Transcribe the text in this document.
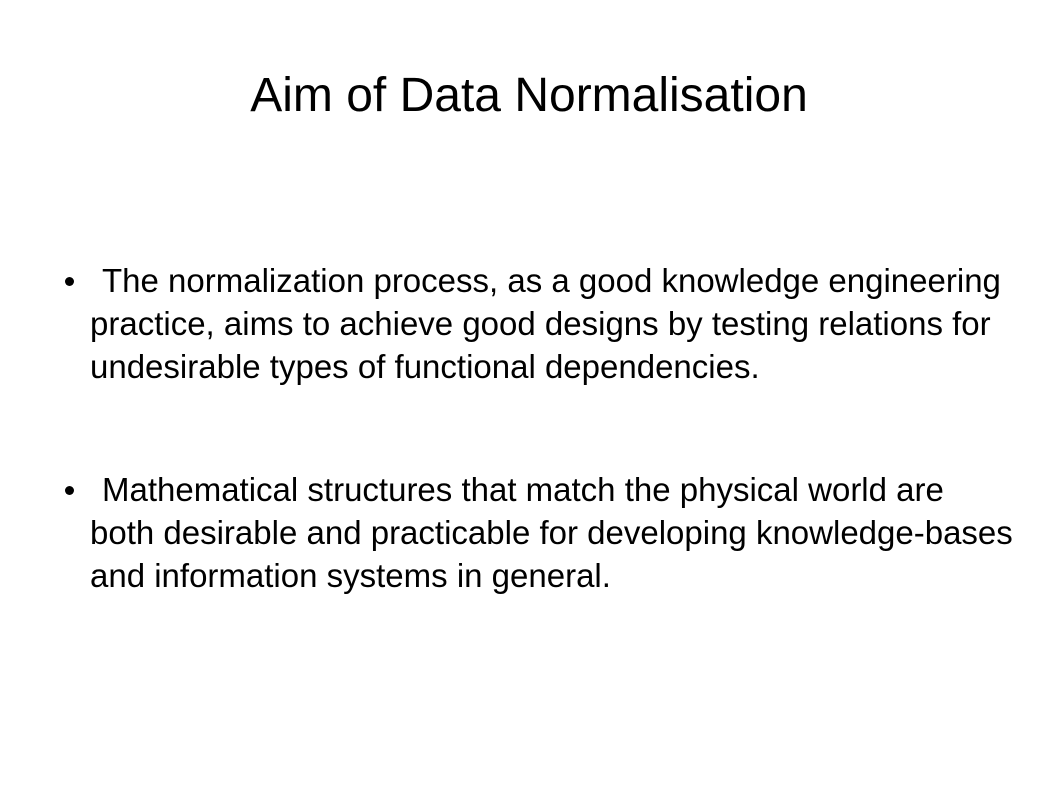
Aim of Data Normalisation
The normalization process, as a good knowledge engineering practice, aims to achieve good designs by testing relations for undesirable types of functional dependencies.
Mathematical structures that match the physical world are both desirable and practicable for developing knowledge-bases and information systems in general.
